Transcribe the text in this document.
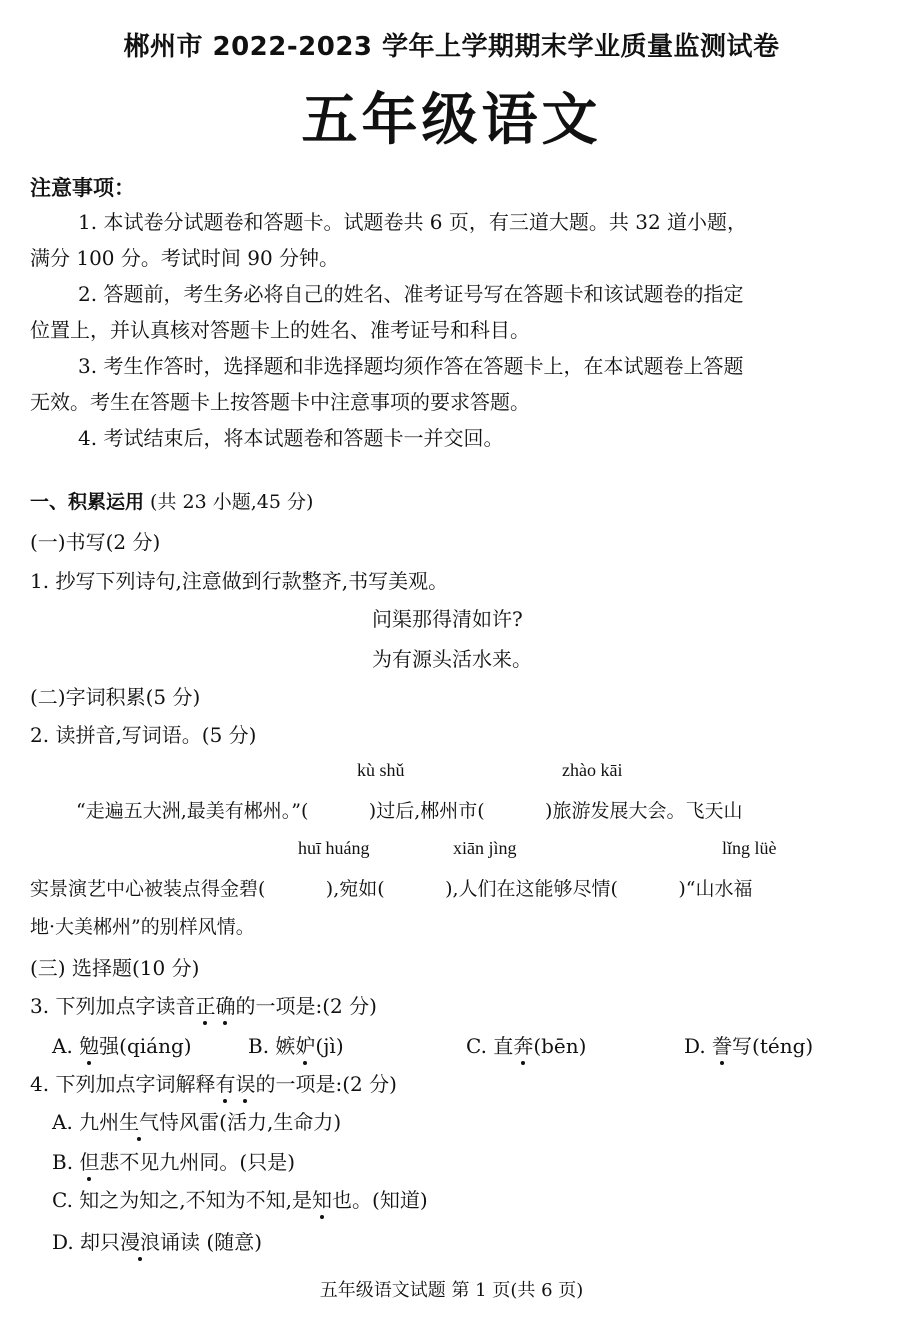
郴州市 2022-2023 学年上学期期末学业质量监测试卷
五年级语文
注意事项：
1. 本试卷分试题卷和答题卡。试题卷共 6 页，有三道大题。共 32 道小题，
满分 100 分。考试时间 90 分钟。
2. 答题前，考生务必将自己的姓名、准考证号写在答题卡和该试题卷的指定
位置上，并认真核对答题卡上的姓名、准考证号和科目。
3. 考生作答时，选择题和非选择题均须作答在答题卡上，在本试题卷上答题
无效。考生在答题卡上按答题卡中注意事项的要求答题。
4. 考试结束后，将本试题卷和答题卡一并交回。
一、积累运用 (共 23 小题,45 分)
(一)书写(2 分)
1. 抄写下列诗句,注意做到行款整齐,书写美观。
问渠那得清如许?
为有源头活水来。
(二)字词积累(5 分)
2. 读拼音,写词语。(5 分)
kù shǔ	zhào kāi
“走遍五大洲,最美有郴州。”(          )过后,郴州市(          )旅游发展大会。飞天山
huī huáng	xiān jìng	lǐng lüè
实景演艺中心被装点得金碧(          ),宛如(          ),人们在这能够尽情(          )“山水福
地·大美郴州”的别样风情。
(三) 选择题(10 分)
3. 下列加点字读音正确的一项是:(2 分)
A. 勉强(qiáng)	B. 嫉妒(jì)	C. 直奔(bēn)	D. 誊写(téng)
4. 下列加点字词解释有误的一项是:(2 分)
A. 九州生气恃风雷(活力,生命力)
B. 但悲不见九州同。(只是)
C. 知之为知之,不知为不知,是知也。(知道)
D. 却只漫浪诵读 (随意)
五年级语文试题 第 1 页(共 6 页)
